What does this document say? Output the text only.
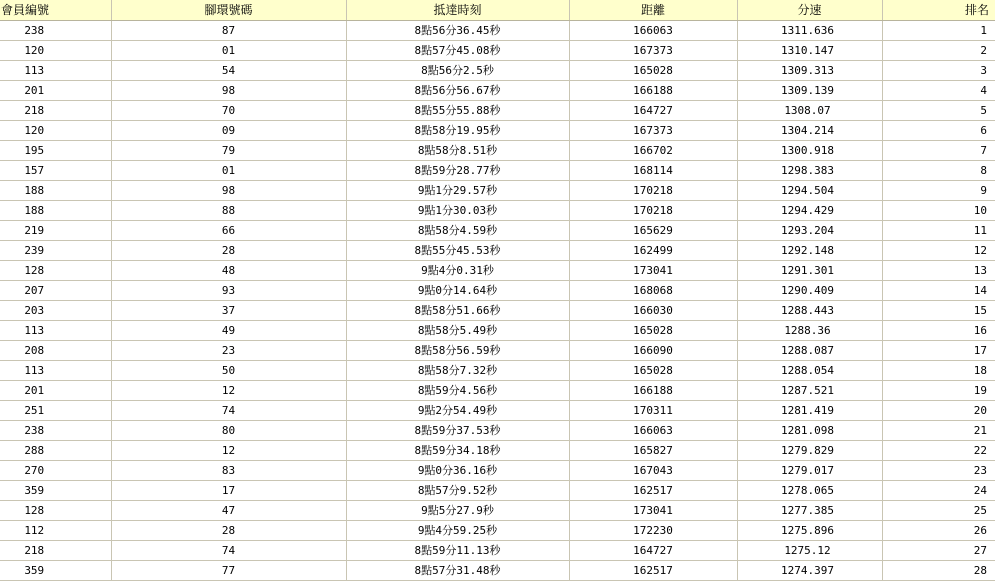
會員編號	腳環號碼	抵達時刻	距離	分速	排名
238	87	8點56分36.45秒	166063	1311.636	1
120	01	8點57分45.08秒	167373	1310.147	2
113	54	8點56分2.5秒	165028	1309.313	3
201	98	8點56分56.67秒	166188	1309.139	4
218	70	8點55分55.88秒	164727	1308.07	5
120	09	8點58分19.95秒	167373	1304.214	6
195	79	8點58分8.51秒	166702	1300.918	7
157	01	8點59分28.77秒	168114	1298.383	8
188	98	9點1分29.57秒	170218	1294.504	9
188	88	9點1分30.03秒	170218	1294.429	10
219	66	8點58分4.59秒	165629	1293.204	11
239	28	8點55分45.53秒	162499	1292.148	12
128	48	9點4分0.31秒	173041	1291.301	13
207	93	9點0分14.64秒	168068	1290.409	14
203	37	8點58分51.66秒	166030	1288.443	15
113	49	8點58分5.49秒	165028	1288.36	16
208	23	8點58分56.59秒	166090	1288.087	17
113	50	8點58分7.32秒	165028	1288.054	18
201	12	8點59分4.56秒	166188	1287.521	19
251	74	9點2分54.49秒	170311	1281.419	20
238	80	8點59分37.53秒	166063	1281.098	21
288	12	8點59分34.18秒	165827	1279.829	22
270	83	9點0分36.16秒	167043	1279.017	23
359	17	8點57分9.52秒	162517	1278.065	24
128	47	9點5分27.9秒	173041	1277.385	25
112	28	9點4分59.25秒	172230	1275.896	26
218	74	8點59分11.13秒	164727	1275.12	27
359	77	8點57分31.48秒	162517	1274.397	28
